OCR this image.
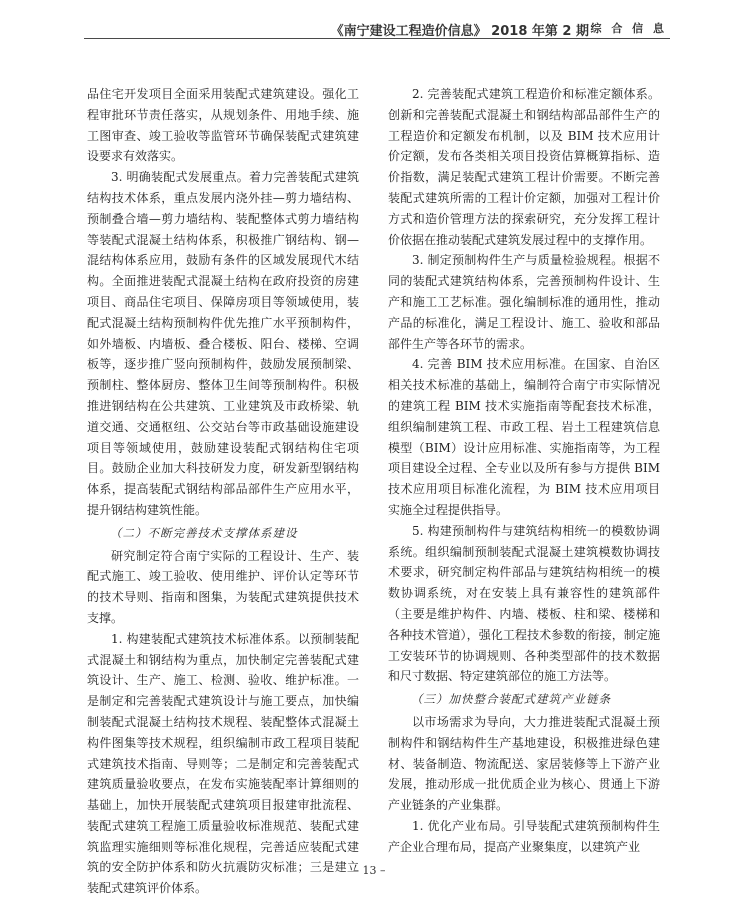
《南宁建设工程造价信息》 2018 年第 2 期 综 合 信 息

品住宅开发项目全面采用装配式建筑建设。强化工程审批环节责任落实，从规划条件、用地手续、施工图审查、竣工验收等监管环节确保装配式建筑建设要求有效落实。

3. 明确装配式发展重点。着力完善装配式建筑结构技术体系，重点发展内浇外挂—剪力墙结构、预制叠合墙—剪力墙结构、装配整体式剪力墙结构等装配式混凝土结构体系，积极推广钢结构、钢—混结构体系应用，鼓励有条件的区域发展现代木结构。全面推进装配式混凝土结构在政府投资的房建项目、商品住宅项目、保障房项目等领域使用，装配式混凝土结构预制构件优先推广水平预制构件，如外墙板、内墙板、叠合楼板、阳台、楼梯、空调板等，逐步推广竖向预制构件，鼓励发展预制梁、预制柱、整体厨房、整体卫生间等预制构件。积极推进钢结构在公共建筑、工业建筑及市政桥梁、轨道交通、交通枢纽、公交站台等市政基础设施建设项目等领域使用，鼓励建设装配式钢结构住宅项目。鼓励企业加大科技研发力度，研发新型钢结构体系，提高装配式钢结构部品部件生产应用水平，提升钢结构建筑性能。

（二）不断完善技术支撑体系建设

研究制定符合南宁实际的工程设计、生产、装配式施工、竣工验收、使用维护、评价认定等环节的技术导则、指南和图集，为装配式建筑提供技术支撑。

1. 构建装配式建筑技术标准体系。以预制装配式混凝土和钢结构为重点，加快制定完善装配式建筑设计、生产、施工、检测、验收、维护标准。一是制定和完善装配式建筑设计与施工要点，加快编制装配式混凝土结构技术规程、装配整体式混凝土构件图集等技术规程，组织编制市政工程项目装配式建筑技术指南、导则等；二是制定和完善装配式建筑质量验收要点，在发布实施装配率计算细则的基础上，加快开展装配式建筑项目报建审批流程、装配式建筑工程施工质量验收标准规范、装配式建筑监理实施细则等标准化规程，完善适应装配式建筑的安全防护体系和防火抗震防灾标准；三是建立装配式建筑评价体系。

2. 完善装配式建筑工程造价和标准定额体系。创新和完善装配式混凝土和钢结构部品部件生产的工程造价和定额发布机制，以及 BIM 技术应用计价定额，发布各类相关项目投资估算概算指标、造价指数，满足装配式建筑工程计价需要。不断完善装配式建筑所需的工程计价定额，加强对工程计价方式和造价管理方法的探索研究，充分发挥工程计价依据在推动装配式建筑发展过程中的支撑作用。

3. 制定预制构件生产与质量检验规程。根据不同的装配式建筑结构体系，完善预制构件设计、生产和施工工艺标准。强化编制标准的通用性，推动产品的标准化，满足工程设计、施工、验收和部品部件生产等各环节的需求。

4. 完善 BIM 技术应用标准。在国家、自治区相关技术标准的基础上，编制符合南宁市实际情况的建筑工程 BIM 技术实施指南等配套技术标准，组织编制建筑工程、市政工程、岩土工程建筑信息模型（BIM）设计应用标准、实施指南等，为工程项目建设全过程、全专业以及所有参与方提供 BIM 技术应用项目标准化流程，为 BIM 技术应用项目实施全过程提供指导。

5. 构建预制构件与建筑结构相统一的模数协调系统。组织编制预制装配式混凝土建筑模数协调技术要求，研究制定构件部品与建筑结构相统一的模数协调系统，对在安装上具有兼容性的建筑部件（主要是维护构件、内墙、楼板、柱和梁、楼梯和各种技术管道），强化工程技术参数的衔接，制定施工安装环节的协调规则、各种类型部件的技术数据和尺寸数据、特定建筑部位的施工方法等。

（三）加快整合装配式建筑产业链条

以市场需求为导向，大力推进装配式混凝土预制构件和钢结构件生产基地建设，积极推进绿色建材、装备制造、物流配送、家居装修等上下游产业发展，推动形成一批优质企业为核心、贯通上下游产业链条的产业集群。

1. 优化产业布局。引导装配式建筑预制构件生产企业合理布局，提高产业聚集度，以建筑产业

– 13 –
